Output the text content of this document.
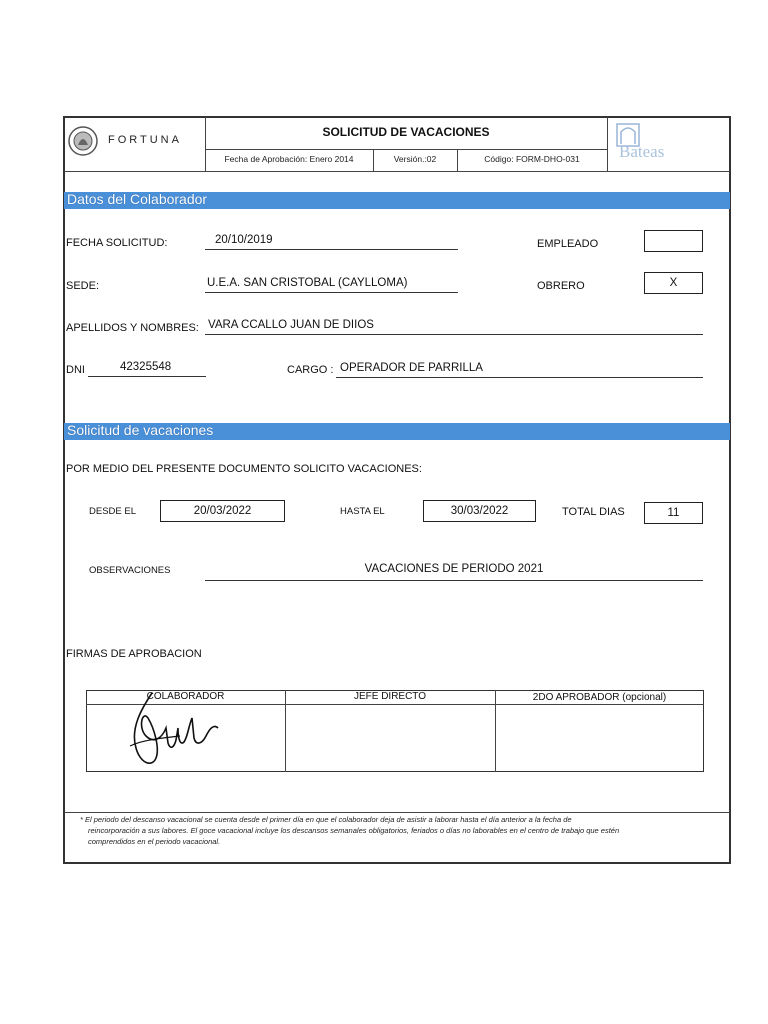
FORTUNA
SOLICITUD DE VACACIONES
Fecha de Aprobación: Enero 2014	Versión.:02	Código: FORM-DHO-031	Bateas
Datos del Colaborador
FECHA SOLICITUD:	20/10/2019	EMPLEADO
SEDE:	U.E.A. SAN CRISTOBAL (CAYLLOMA)	OBRERO	X
APELLIDOS Y NOMBRES: VARA CCALLO JUAN DE DIIOS
DNI	42325548	CARGO : OPERADOR DE PARRILLA
Solicitud de vacaciones
POR MEDIO DEL PRESENTE DOCUMENTO SOLICITO VACACIONES:
DESDE EL	20/03/2022	HASTA EL	30/03/2022	TOTAL DIAS	11
OBSERVACIONES	VACACIONES DE PERIODO 2021
FIRMAS DE APROBACION
COLABORADOR	JEFE DIRECTO	2DO APROBADOR (opcional)
* El periodo del descanso vacacional se cuenta desde el primer día en que el colaborador deja de asistir a laborar hasta el día anterior a la fecha de
reincorporación a sus labores. El goce vacacional incluye los descansos semanales obligatorios, feriados o días no laborables en el centro de trabajo que estén
comprendidos en el periodo vacacional.
